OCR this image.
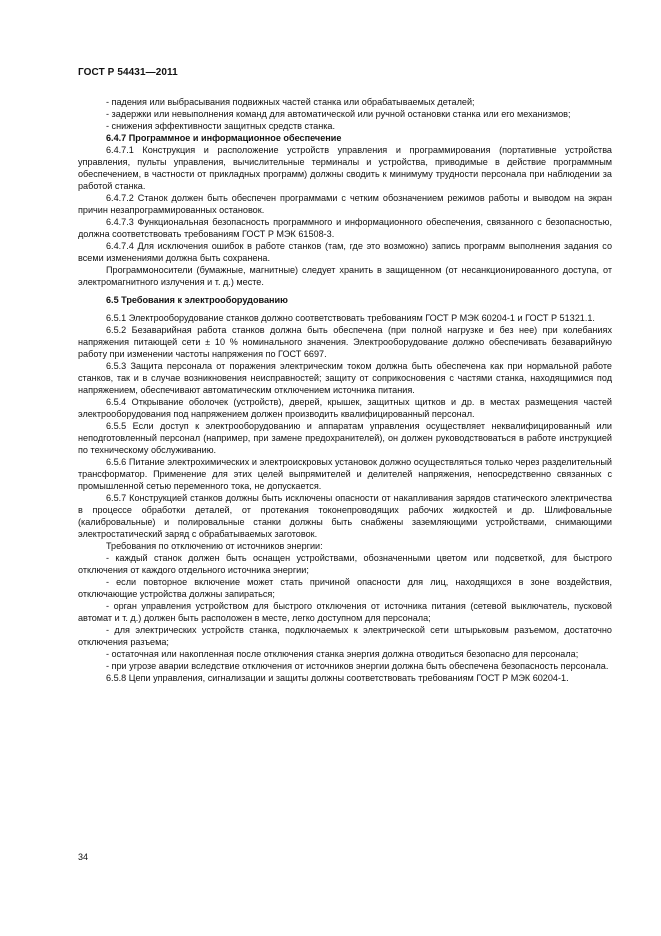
ГОСТ Р 54431—2011

- падения или выбрасывания подвижных частей станка или обрабатываемых деталей;

- задержки или невыполнения команд для автоматической или ручной остановки станка или его механизмов;

- снижения эффективности защитных средств станка.

6.4.7 Программное и информационное обеспечение

6.4.7.1 Конструкция и расположение устройств управления и программирования (портативные устройства управления, пульты управления, вычислительные терминалы и устройства, приводимые в действие программным обеспечением, в частности от прикладных программ) должны сводить к минимуму трудности персонала при наблюдении за работой станка.

6.4.7.2 Станок должен быть обеспечен программами с четким обозначением режимов работы и выводом на экран причин незапрограммированных остановок.

6.4.7.3 Функциональная безопасность программного и информационного обеспечения, связанного с безопасностью, должна соответствовать требованиям ГОСТ Р МЭК 61508-3.

6.4.7.4 Для исключения ошибок в работе станков (там, где это возможно) запись программ выполнения задания со всеми изменениями должна быть сохранена.

Программоносители (бумажные, магнитные) следует хранить в защищенном (от несанкционированного доступа, от электромагнитного излучения и т. д.) месте.

6.5 Требования к электрооборудованию

6.5.1 Электрооборудование станков должно соответствовать требованиям ГОСТ Р МЭК 60204-1 и ГОСТ Р 51321.1.

6.5.2 Безаварийная работа станков должна быть обеспечена (при полной нагрузке и без нее) при колебаниях напряжения питающей сети ± 10 % номинального значения. Электрооборудование должно обеспечивать безаварийную работу при изменении частоты напряжения по ГОСТ 6697.

6.5.3 Защита персонала от поражения электрическим током должна быть обеспечена как при нормальной работе станков, так и в случае возникновения неисправностей; защиту от соприкосновения с частями станка, находящимися под напряжением, обеспечивают автоматическим отключением источника питания.

6.5.4 Открывание оболочек (устройств), дверей, крышек, защитных щитков и др. в местах размещения частей электрооборудования под напряжением должен производить квалифицированный персонал.

6.5.5 Если доступ к электрооборудованию и аппаратам управления осуществляет неквалифицированный или неподготовленный персонал (например, при замене предохранителей), он должен руководствоваться в работе инструкцией по техническому обслуживанию.

6.5.6 Питание электрохимических и электроискровых установок должно осуществляться только через разделительный трансформатор. Применение для этих целей выпрямителей и делителей напряжения, непосредственно связанных с промышленной сетью переменного тока, не допускается.

6.5.7 Конструкцией станков должны быть исключены опасности от накапливания зарядов статического электричества в процессе обработки деталей, от протекания токонепроводящих рабочих жидкостей и др. Шлифовальные (калибровальные) и полировальные станки должны быть снабжены заземляющими устройствами, снимающими электростатический заряд с обрабатываемых заготовок.

Требования по отключению от источников энергии:

- каждый станок должен быть оснащен устройствами, обозначенными цветом или подсветкой, для быстрого отключения от каждого отдельного источника энергии;

- если повторное включение может стать причиной опасности для лиц, находящихся в зоне воздействия, отключающие устройства должны запираться;

- орган управления устройством для быстрого отключения от источника питания (сетевой выключатель, пусковой автомат и т. д.) должен быть расположен в месте, легко доступном для персонала;

- для электрических устройств станка, подключаемых к электрической сети штырьковым разъемом, достаточно отключения разъема;

- остаточная или накопленная после отключения станка энергия должна отводиться безопасно для персонала;

- при угрозе аварии вследствие отключения от источников энергии должна быть обеспечена безопасность персонала.

6.5.8 Цепи управления, сигнализации и защиты должны соответствовать требованиям ГОСТ Р МЭК 60204-1.

34
